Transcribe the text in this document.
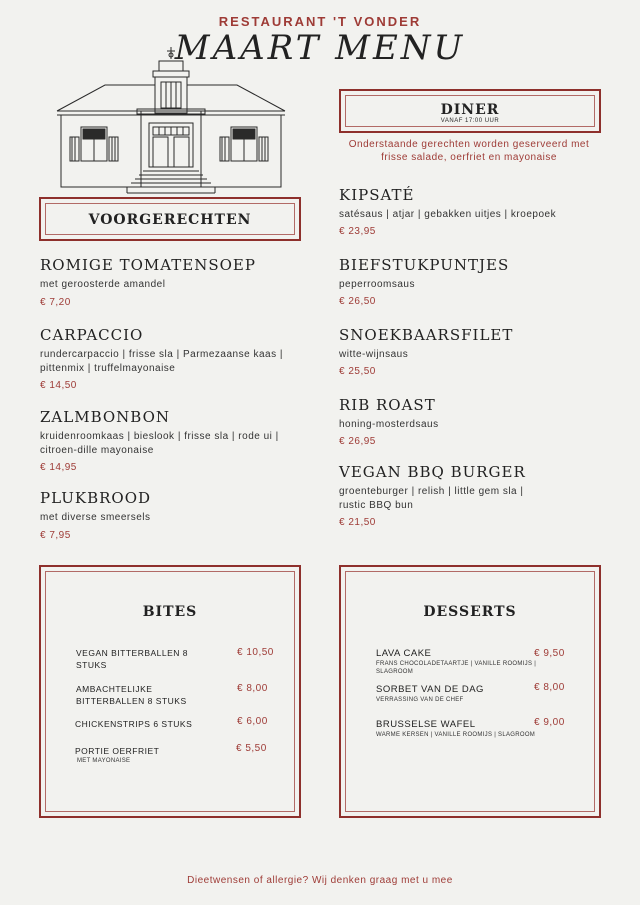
RESTAURANT 'T VONDER
MAART MENU
VOORGERECHTEN
ROMIGE TOMATENSOEP
met geroosterde amandel
€ 7,20
CARPACCIO
rundercarpaccio | frisse sla | Parmezaanse kaas | pittenmix | truffelmayonaise
€ 14,50
ZALMBONBON
kruidenroomkaas | bieslook | frisse sla | rode ui | citroen-dille mayonaise
€ 14,95
PLUKBROOD
met diverse smeersels
€ 7,95
DINER
VANAF 17:00 UUR
Onderstaande gerechten worden geserveerd met frisse salade, oerfriet en mayonaise
KIPSATÉ
satésaus | atjar | gebakken uitjes | kroepoek
€ 23,95
BIEFSTUKPUNTJES
peperroomsaus
€ 26,50
SNOEKBAARSFILET
witte-wijnsaus
€ 25,50
RIB ROAST
honing-mosterdsaus
€ 26,95
VEGAN BBQ BURGER
groenteburger | relish | little gem sla | rustic BBQ bun
€ 21,50
BITES
VEGAN BITTERBALLEN 8 STUKS
€ 10,50
AMBACHTELIJKE BITTERBALLEN 8 STUKS
€ 8,00
CHICKENSTRIPS 6 STUKS	€ 6,00
PORTIE OERFRIET
MET MAYONAISE
€ 5,50
DESSERTS
LAVA CAKE
FRANS CHOCOLADETAARTJE | VANILLE ROOMIJS | SLAGROOM
€ 9,50
SORBET VAN DE DAG
VERRASSING VAN DE CHEF
€ 8,00
BRUSSELSE WAFEL
WARME KERSEN | VANILLE ROOMIJS | SLAGROOM
€ 9,00
Dieetwensen of allergie? Wij denken graag met u mee
